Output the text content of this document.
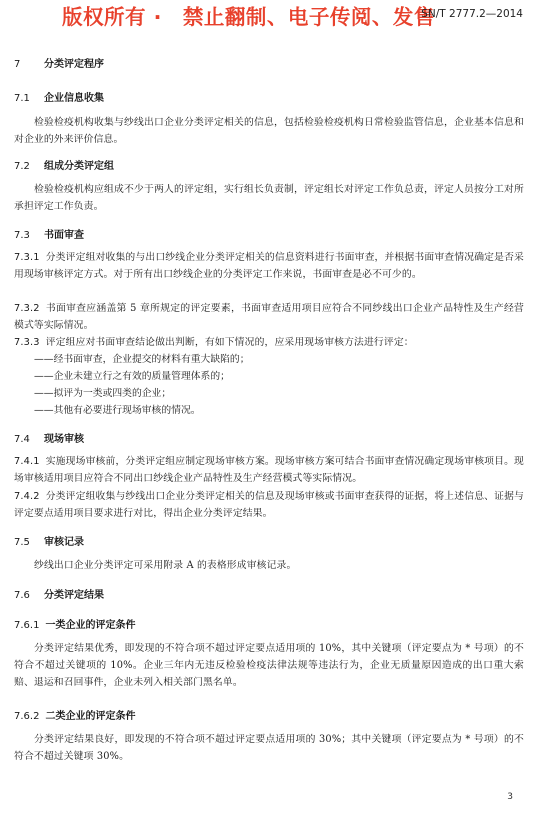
版权所有 ·　禁止翻制、电子传阅、发售
SN/T 2777.2—2014
7 分类评定程序
7.1 企业信息收集
检验检疫机构收集与纱线出口企业分类评定相关的信息，包括检验检疫机构日常检验监管信息，企业基本信息和对企业的外来评价信息。
7.2 组成分类评定组
检验检疫机构应组成不少于两人的评定组，实行组长负责制，评定组长对评定工作负总责，评定人员按分工对所承担评定工作负责。
7.3 书面审查
7.3.1 分类评定组对收集的与出口纱线企业分类评定相关的信息资料进行书面审查，并根据书面审查情况确定是否采用现场审核评定方式。对于所有出口纱线企业的分类评定工作来说，书面审查是必不可少的。
7.3.2 书面审查应涵盖第 5 章所规定的评定要素，书面审查适用项目应符合不同纱线出口企业产品特性及生产经营模式等实际情况。
7.3.3 评定组应对书面审查结论做出判断，有如下情况的，应采用现场审核方法进行评定：
——经书面审查，企业提交的材料有重大缺陷的；
——企业未建立行之有效的质量管理体系的；
——拟评为一类或四类的企业；
——其他有必要进行现场审核的情况。
7.4 现场审核
7.4.1 实施现场审核前，分类评定组应制定现场审核方案。现场审核方案可结合书面审查情况确定现场审核项目。现场审核适用项目应符合不同出口纱线企业产品特性及生产经营模式等实际情况。
7.4.2 分类评定组收集与纱线出口企业分类评定相关的信息及现场审核或书面审查获得的证据，将上述信息、证据与评定要点适用项目要求进行对比，得出企业分类评定结果。
7.5 审核记录
纱线出口企业分类评定可采用附录 A 的表格形成审核记录。
7.6 分类评定结果
7.6.1 一类企业的评定条件
分类评定结果优秀，即发现的不符合项不超过评定要点适用项的 10%，其中关键项（评定要点为 * 号项）的不符合不超过关键项的 10%。企业三年内无违反检验检疫法律法规等违法行为，企业无质量原因造成的出口重大索赔、退运和召回事件，企业未列入相关部门黑名单。
7.6.2 二类企业的评定条件
分类评定结果良好，即发现的不符合项不超过评定要点适用项的 30%；其中关键项（评定要点为 * 号项）的不符合不超过关键项 30%。
3
